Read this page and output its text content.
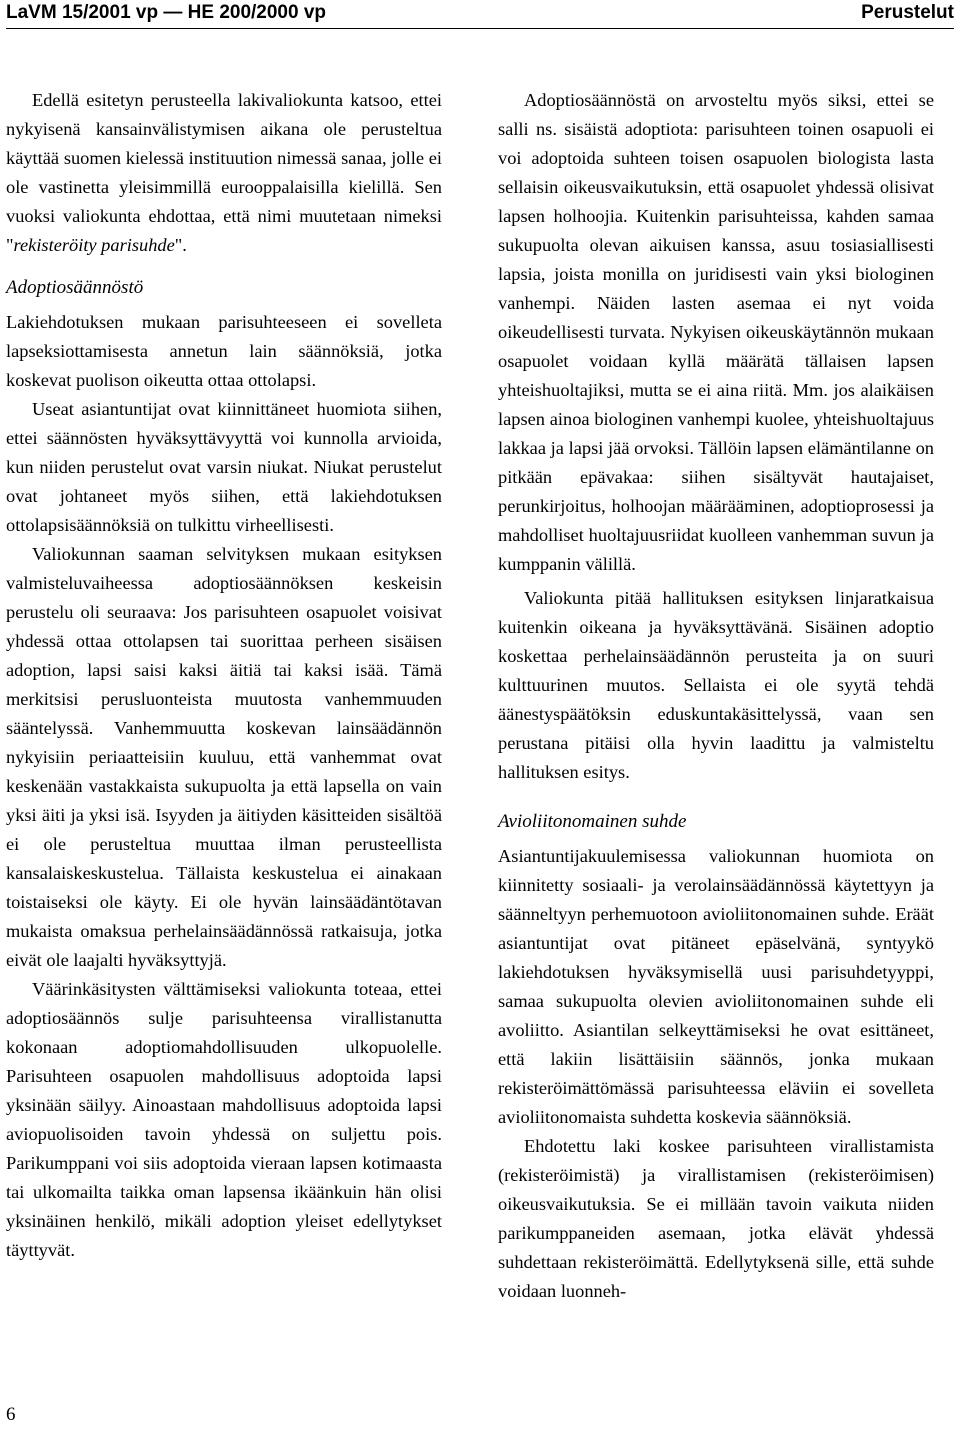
LaVM 15/2001 vp — HE 200/2000 vp	Perustelut

Edellä esitetyn perusteella lakivaliokunta katsoo, ettei nykyisenä kansainvälistymisen aikana ole perusteltua käyttää suomen kielessä instituution nimessä sanaa, jolle ei ole vastinetta yleisimmillä eurooppalaisilla kielillä. Sen vuoksi valiokunta ehdottaa, että nimi muutetaan nimeksi "rekisteröity parisuhde".

Adoptiosäännöstö

Lakiehdotuksen mukaan parisuhteeseen ei sovelleta lapseksiottamisesta annetun lain säännöksiä, jotka koskevat puolison oikeutta ottaa ottolapsi.

Useat asiantuntijat ovat kiinnittäneet huomiota siihen, ettei säännösten hyväksyttävyyttä voi kunnolla arvioida, kun niiden perustelut ovat varsin niukat. Niukat perustelut ovat johtaneet myös siihen, että lakiehdotuksen ottolapsisäännöksiä on tulkittu virheellisesti.

Valiokunnan saaman selvityksen mukaan esityksen valmisteluvaiheessa adoptiosäännöksen keskeisin perustelu oli seuraava: Jos parisuhteen osapuolet voisivat yhdessä ottaa ottolapsen tai suorittaa perheen sisäisen adoption, lapsi saisi kaksi äitiä tai kaksi isää. Tämä merkitsisi perusluonteista muutosta vanhemmuuden sääntelyssä. Vanhemmuutta koskevan lainsäädännön nykyisiin periaatteisiin kuuluu, että vanhemmat ovat keskenään vastakkaista sukupuolta ja että lapsella on vain yksi äiti ja yksi isä. Isyyden ja äitiyden käsitteiden sisältöä ei ole perusteltua muuttaa ilman perusteellista kansalaiskeskustelua. Tällaista keskustelua ei ainakaan toistaiseksi ole käyty. Ei ole hyvän lainsäädäntötavan mukaista omaksua perhelainsäädännössä ratkaisuja, jotka eivät ole laajalti hyväksyttyjä.

Väärinkäsitysten välttämiseksi valiokunta toteaa, ettei adoptiosäännös sulje parisuhteensa virallistanutta kokonaan adoptiomahdollisuuden ulkopuolelle. Parisuhteen osapuolen mahdollisuus adoptoida lapsi yksinään säilyy. Ainoastaan mahdollisuus adoptoida lapsi aviopuolisoiden tavoin yhdessä on suljettu pois. Parikumppani voi siis adoptoida vieraan lapsen kotimaasta tai ulkomailta taikka oman lapsensa ikäänkuin hän olisi yksinäinen henkilö, mikäli adoption yleiset edellytykset täyttyvät.

Adoptiosäännöstä on arvosteltu myös siksi, ettei se salli ns. sisäistä adoptiota: parisuhteen toinen osapuoli ei voi adoptoida suhteen toisen osapuolen biologista lasta sellaisin oikeusvaikutuksin, että osapuolet yhdessä olisivat lapsen holhoojia. Kuitenkin parisuhteissa, kahden samaa sukupuolta olevan aikuisen kanssa, asuu tosiasiallisesti lapsia, joista monilla on juridisesti vain yksi biologinen vanhempi. Näiden lasten asemaa ei nyt voida oikeudellisesti turvata. Nykyisen oikeuskäytännön mukaan osapuolet voidaan kyllä määrätä tällaisen lapsen yhteishuoltajiksi, mutta se ei aina riitä. Mm. jos alaikäisen lapsen ainoa biologinen vanhempi kuolee, yhteishuoltajuus lakkaa ja lapsi jää orvoksi. Tällöin lapsen elämäntilanne on pitkään epävakaa: siihen sisältyvät hautajaiset, perunkirjoitus, holhoojan määrääminen, adoptioprosessi ja mahdolliset huoltajuusriidat kuolleen vanhemman suvun ja kumppanin välillä.

Valiokunta pitää hallituksen esityksen linjaratkaisua kuitenkin oikeana ja hyväksyttävänä. Sisäinen adoptio koskettaa perhelainsäädännön perusteita ja on suuri kulttuurinen muutos. Sellaista ei ole syytä tehdä äänestyspäätöksin eduskuntakäsittelyssä, vaan sen perustana pitäisi olla hyvin laadittu ja valmisteltu hallituksen esitys.

Avioliitonomainen suhde

Asiantuntijakuulemisessa valiokunnan huomiota on kiinnitetty sosiaali- ja verolainsäädännössä käytettyyn ja säänneltyyn perhemuotoon avioliitonomainen suhde. Eräät asiantuntijat ovat pitäneet epäselvänä, syntyykö lakiehdotuksen hyväksymisellä uusi parisuhdetyyppi, samaa sukupuolta olevien avioliitonomainen suhde eli avoliitto. Asiantilan selkeyttämiseksi he ovat esittäneet, että lakiin lisättäisiin säännös, jonka mukaan rekisteröimättömässä parisuhteessa eläviin ei sovelleta avioliitonomaista suhdetta koskevia säännöksiä.

Ehdotettu laki koskee parisuhteen virallistamista (rekisteröimistä) ja virallistamisen (rekisteröimisen) oikeusvaikutuksia. Se ei millään tavoin vaikuta niiden parikumppaneiden asemaan, jotka elävät yhdessä suhdettaan rekisteröimättä. Edellytyksenä sille, että suhde voidaan luonneh-

6
